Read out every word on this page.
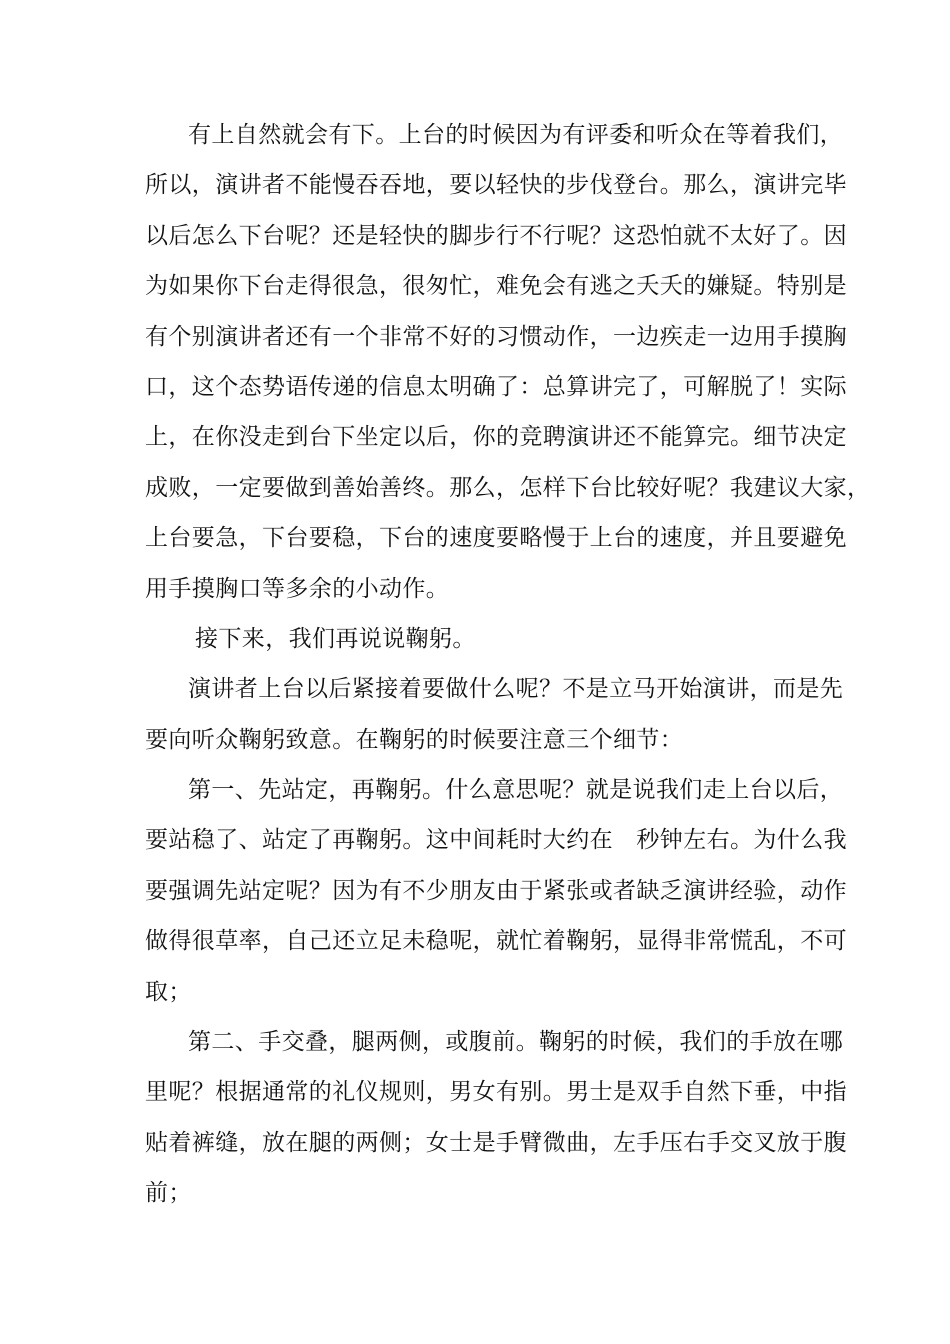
有上自然就会有下。上台的时候因为有评委和听众在等着我们，
所以，演讲者不能慢吞吞地，要以轻快的步伐登台。那么，演讲完毕
以后怎么下台呢？还是轻快的脚步行不行呢？这恐怕就不太好了。因
为如果你下台走得很急，很匆忙，难免会有逃之夭夭的嫌疑。特别是
有个别演讲者还有一个非常不好的习惯动作，一边疾走一边用手摸胸
口，这个态势语传递的信息太明确了：总算讲完了，可解脱了！实际
上，在你没走到台下坐定以后，你的竞聘演讲还不能算完。细节决定
成败，一定要做到善始善终。那么，怎样下台比较好呢？我建议大家，
上台要急，下台要稳，下台的速度要略慢于上台的速度，并且要避免
用手摸胸口等多余的小动作。
接下来，我们再说说鞠躬。
演讲者上台以后紧接着要做什么呢？不是立马开始演讲，而是先
要向听众鞠躬致意。在鞠躬的时候要注意三个细节：
第一、先站定，再鞠躬。什么意思呢？就是说我们走上台以后，
要站稳了、站定了再鞠躬。这中间耗时大约在　秒钟左右。为什么我
要强调先站定呢？因为有不少朋友由于紧张或者缺乏演讲经验，动作
做得很草率，自己还立足未稳呢，就忙着鞠躬，显得非常慌乱，不可
取；
第二、手交叠，腿两侧，或腹前。鞠躬的时候，我们的手放在哪
里呢？根据通常的礼仪规则，男女有别。男士是双手自然下垂，中指
贴着裤缝，放在腿的两侧；女士是手臂微曲，左手压右手交叉放于腹
前；
